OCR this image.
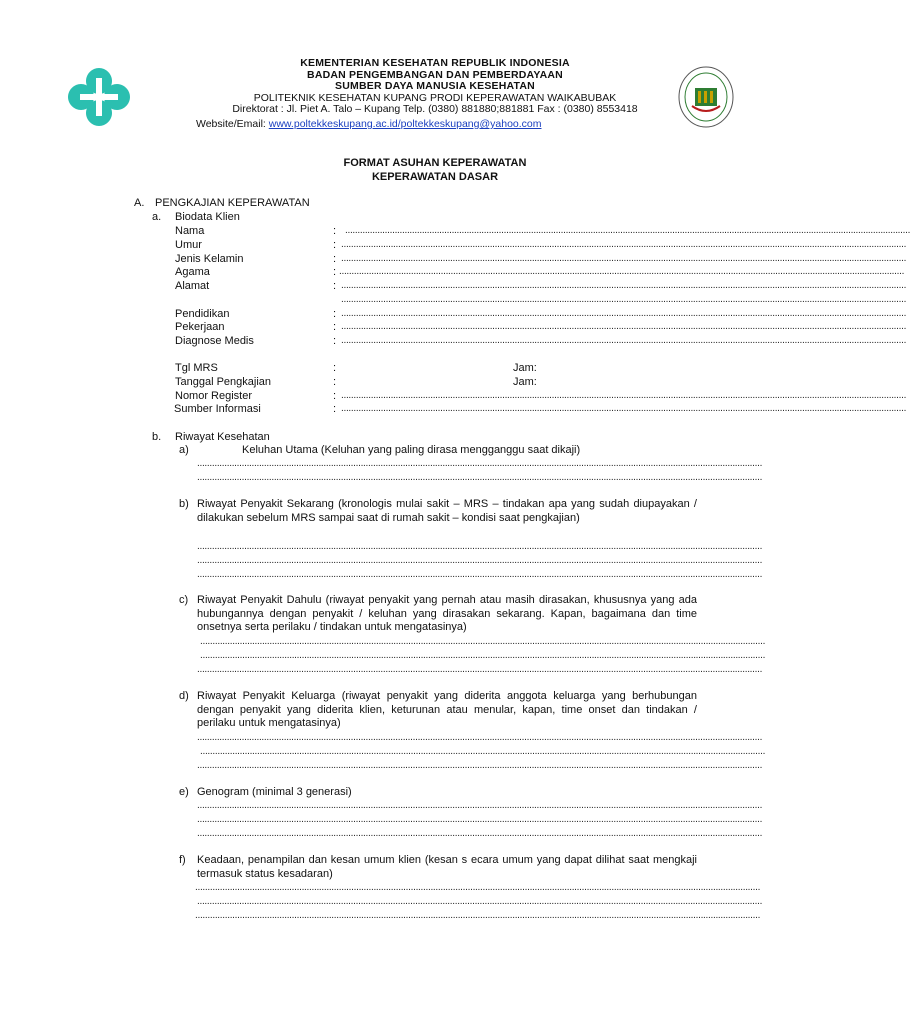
KEMENTERIAN KESEHATAN REPUBLIK INDONESIA
BADAN PENGEMBANGAN DAN PEMBERDAYAAN
SUMBER DAYA MANUSIA KESEHATAN
POLITEKNIK KESEHATAN KUPANG PRODI KEPERAWATAN WAIKABUBAK
Direktorat : Jl. Piet A. Talo – Kupang Telp. (0380) 881880;881881 Fax : (0380) 8553418
Website/Email: www.poltekkeskupang.ac.id/poltekkeskupang@yahoo.com
FORMAT ASUHAN KEPERAWATAN
KEPERAWATAN DASAR
A. PENGKAJIAN KEPERAWATAN
a. Biodata Klien
Nama	: ....................................................................................................................................................................................................................................
Umur	: ....................................................................................................................................................................................................................................
Jenis Kelamin	: ....................................................................................................................................................................................................................................
Agama	: ....................................................................................................................................................................................................................................
Alamat	: ....................................................................................................................................................................................................................................
....................................................................................................................................................................................................................................
Pendidikan	: ....................................................................................................................................................................................................................................
Pekerjaan	: ....................................................................................................................................................................................................................................
Diagnose Medis	: ....................................................................................................................................................................................................................................
Tgl MRS	:	Jam:
Tanggal Pengkajian	:	Jam:
Nomor Register	: ....................................................................................................................................................................................................................................
Sumber Informasi	: ....................................................................................................................................................................................................................................
b. Riwayat Kesehatan
a)	Keluhan Utama (Keluhan yang paling dirasa mengganggu saat dikaji)
....................................................................................................................................................................................................................................
....................................................................................................................................................................................................................................
b) Riwayat Penyakit Sekarang (kronologis mulai sakit – MRS – tindakan apa yang sudah diupayakan / dilakukan sebelum MRS sampai saat di rumah sakit – kondisi saat pengkajian)
....................................................................................................................................................................................................................................
....................................................................................................................................................................................................................................
....................................................................................................................................................................................................................................
c) Riwayat Penyakit Dahulu (riwayat penyakit yang pernah atau masih dirasakan, khususnya yang ada hubungannya dengan penyakit / keluhan yang dirasakan sekarang. Kapan, bagaimana dan time onsetnya serta perilaku / tindakan untuk mengatasinya)
....................................................................................................................................................................................................................................
....................................................................................................................................................................................................................................
....................................................................................................................................................................................................................................
d) Riwayat Penyakit Keluarga (riwayat penyakit yang diderita anggota keluarga yang berhubungan dengan penyakit yang diderita klien, keturunan atau menular, kapan, time onset dan tindakan / perilaku untuk mengatasinya)
....................................................................................................................................................................................................................................
....................................................................................................................................................................................................................................
....................................................................................................................................................................................................................................
e) Genogram (minimal 3 generasi)
....................................................................................................................................................................................................................................
....................................................................................................................................................................................................................................
....................................................................................................................................................................................................................................
f) Keadaan, penampilan dan kesan umum klien (kesan s ecara umum yang dapat dilihat saat mengkaji termasuk status kesadaran)
....................................................................................................................................................................................................................................
....................................................................................................................................................................................................................................
....................................................................................................................................................................................................................................
